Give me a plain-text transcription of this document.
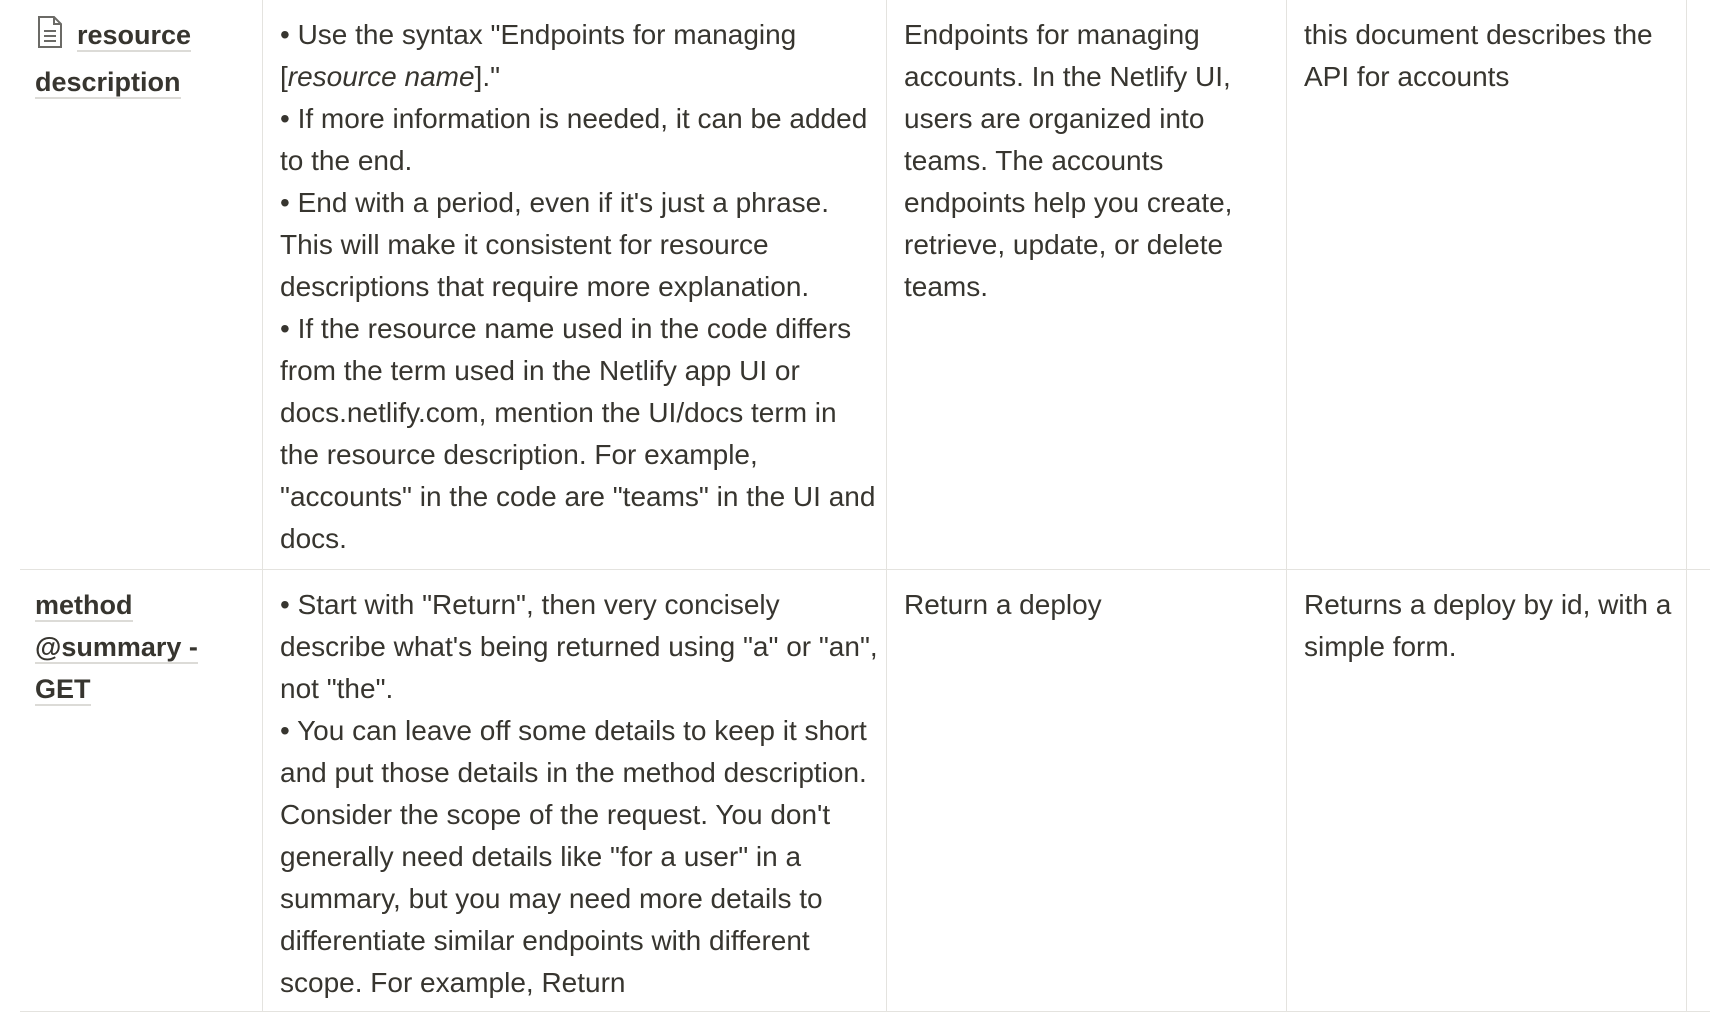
resource
description
• Use the syntax "Endpoints for managing [resource name]."
• If more information is needed, it can be added to the end.
• End with a period, even if it's just a phrase. This will make it consistent for resource descriptions that require more explanation.
• If the resource name used in the code differs from the term used in the Netlify app UI or docs.netlify.com, mention the UI/docs term in the resource description. For example, "accounts" in the code are "teams" in the UI and docs.
Endpoints for managing accounts. In the Netlify UI, users are organized into teams. The accounts endpoints help you create, retrieve, update, or delete teams.
this document describes the API for accounts
method
@summary -
GET
• Start with "Return", then very concisely describe what's being returned using "a" or "an", not "the".
• You can leave off some details to keep it short and put those details in the method description. Consider the scope of the request. You don't generally need details like "for a user" in a summary, but you may need more details to differentiate similar endpoints with different scope. For example, Return
Return a deploy	Returns a deploy by id, with a simple form.
